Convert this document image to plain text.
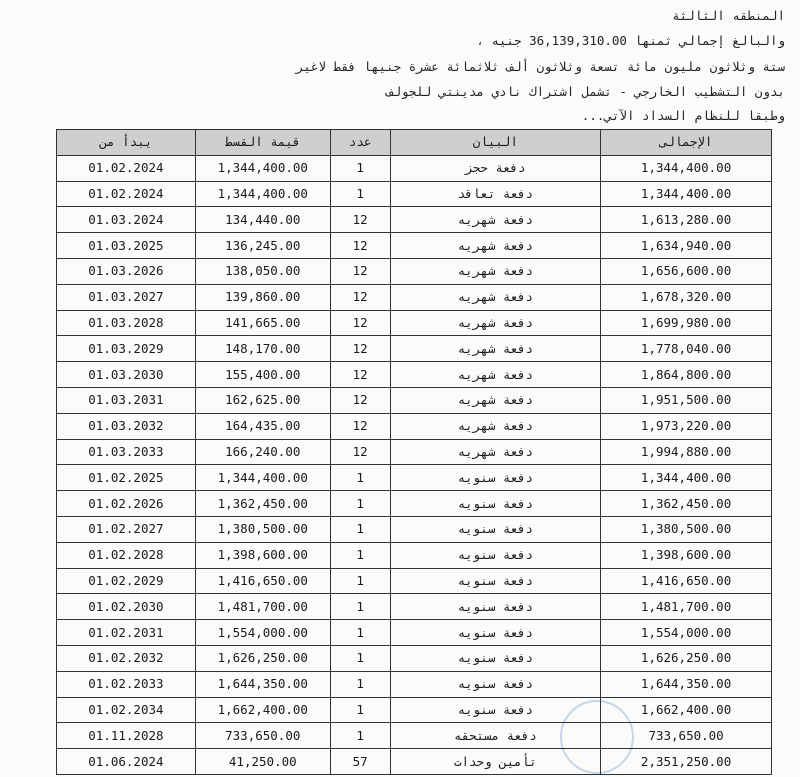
المنطقه الثالثة
والبالغ إجمالي ثمنها 36,139,310.00 جنيه ،
ستة وثلاثون مليون مائة تسعة وثلاثون ألف ثلاثمائة عشرة جنيها فقط لاغير
بدون التشطيب الخارجي - تشمل اشتراك نادي مدينتي للجولف
وطبقا للنظام السداد الآتي...
يبدأ من	قيمة القسط	عدد	البيان	الإجمالى
01.02.2024	1,344,400.00	1	دفعة حجز	1,344,400.00
01.02.2024	1,344,400.00	1	دفعة تعاقد	1,344,400.00
01.03.2024	134,440.00	12	دفعة شهريه	1,613,280.00
01.03.2025	136,245.00	12	دفعة شهريه	1,634,940.00
01.03.2026	138,050.00	12	دفعة شهريه	1,656,600.00
01.03.2027	139,860.00	12	دفعة شهريه	1,678,320.00
01.03.2028	141,665.00	12	دفعة شهريه	1,699,980.00
01.03.2029	148,170.00	12	دفعة شهريه	1,778,040.00
01.03.2030	155,400.00	12	دفعة شهريه	1,864,800.00
01.03.2031	162,625.00	12	دفعة شهريه	1,951,500.00
01.03.2032	164,435.00	12	دفعة شهريه	1,973,220.00
01.03.2033	166,240.00	12	دفعة شهريه	1,994,880.00
01.02.2025	1,344,400.00	1	دفعة سنويه	1,344,400.00
01.02.2026	1,362,450.00	1	دفعة سنويه	1,362,450.00
01.02.2027	1,380,500.00	1	دفعة سنويه	1,380,500.00
01.02.2028	1,398,600.00	1	دفعة سنويه	1,398,600.00
01.02.2029	1,416,650.00	1	دفعة سنويه	1,416,650.00
01.02.2030	1,481,700.00	1	دفعة سنويه	1,481,700.00
01.02.2031	1,554,000.00	1	دفعة سنويه	1,554,000.00
01.02.2032	1,626,250.00	1	دفعة سنويه	1,626,250.00
01.02.2033	1,644,350.00	1	دفعة سنويه	1,644,350.00
01.02.2034	1,662,400.00	1	دفعة سنويه	1,662,400.00
01.11.2028	733,650.00	1	دفعة مستحقه	733,650.00
01.06.2024	41,250.00	57	تأمين وحدات	2,351,250.00
